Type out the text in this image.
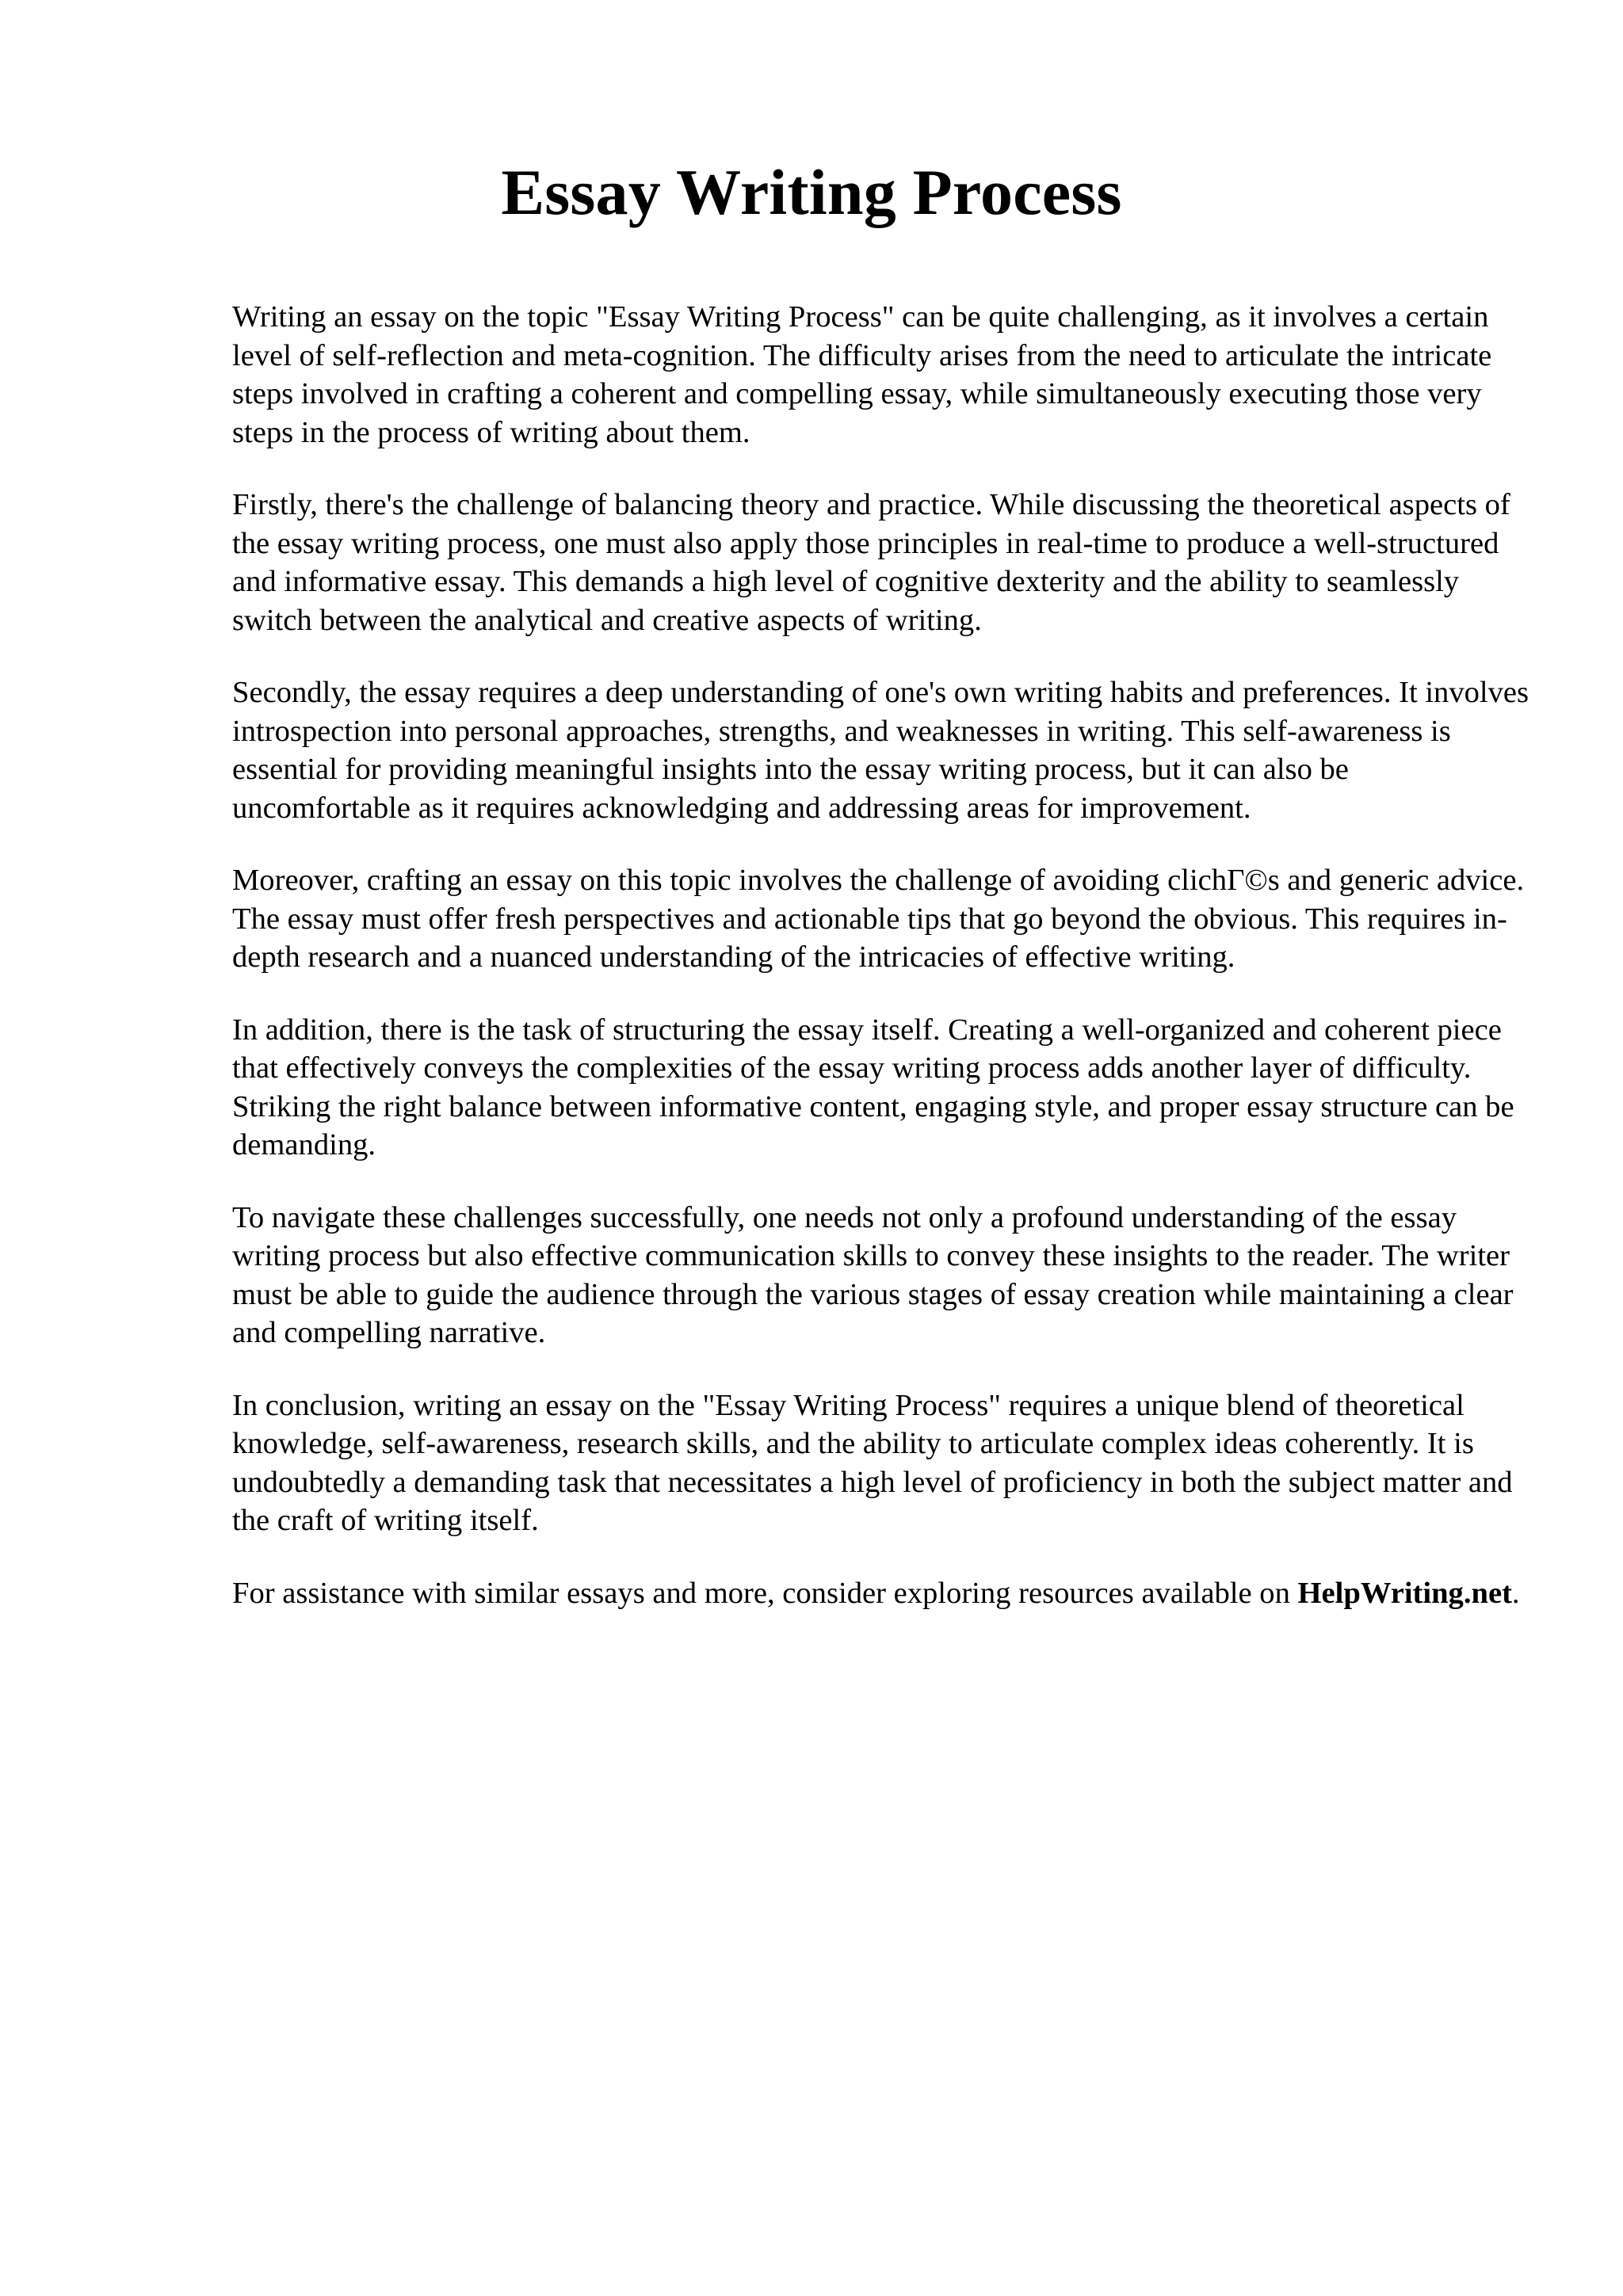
Essay Writing Process

Writing an essay on the topic "Essay Writing Process" can be quite challenging, as it involves a certain level of self-reflection and meta-cognition. The difficulty arises from the need to articulate the intricate steps involved in crafting a coherent and compelling essay, while simultaneously executing those very steps in the process of writing about them.

Firstly, there's the challenge of balancing theory and practice. While discussing the theoretical aspects of the essay writing process, one must also apply those principles in real-time to produce a well-structured and informative essay. This demands a high level of cognitive dexterity and the ability to seamlessly switch between the analytical and creative aspects of writing.

Secondly, the essay requires a deep understanding of one's own writing habits and preferences. It involves introspection into personal approaches, strengths, and weaknesses in writing. This self-awareness is essential for providing meaningful insights into the essay writing process, but it can also be uncomfortable as it requires acknowledging and addressing areas for improvement.

Moreover, crafting an essay on this topic involves the challenge of avoiding clichΓ©s and generic advice. The essay must offer fresh perspectives and actionable tips that go beyond the obvious. This requires in-depth research and a nuanced understanding of the intricacies of effective writing.

In addition, there is the task of structuring the essay itself. Creating a well-organized and coherent piece that effectively conveys the complexities of the essay writing process adds another layer of difficulty. Striking the right balance between informative content, engaging style, and proper essay structure can be demanding.

To navigate these challenges successfully, one needs not only a profound understanding of the essay writing process but also effective communication skills to convey these insights to the reader. The writer must be able to guide the audience through the various stages of essay creation while maintaining a clear and compelling narrative.

In conclusion, writing an essay on the "Essay Writing Process" requires a unique blend of theoretical knowledge, self-awareness, research skills, and the ability to articulate complex ideas coherently. It is undoubtedly a demanding task that necessitates a high level of proficiency in both the subject matter and the craft of writing itself.

For assistance with similar essays and more, consider exploring resources available on HelpWriting.net.
